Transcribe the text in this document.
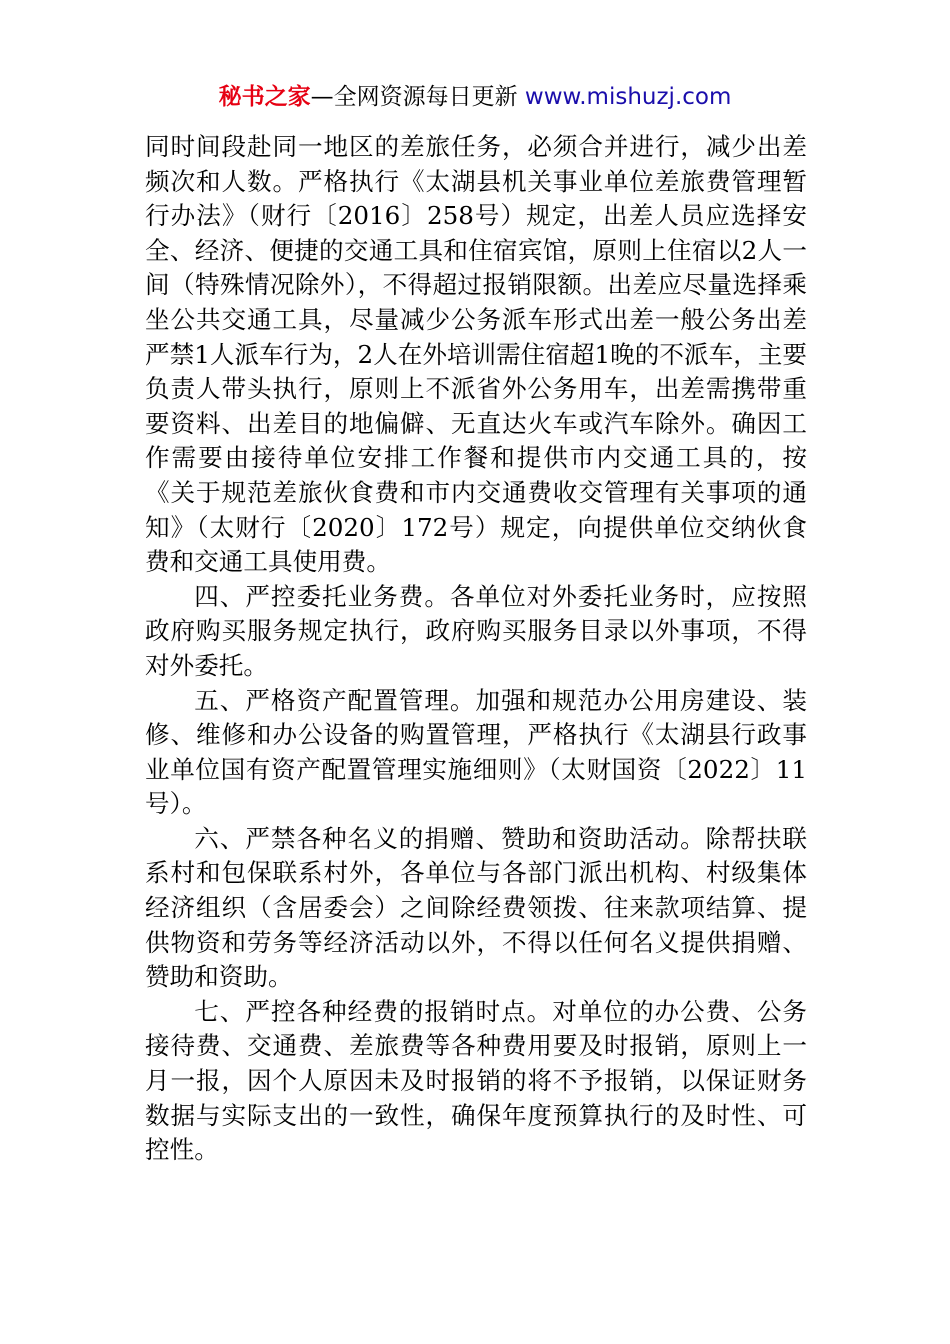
秘书之家—全网资源每日更新 www.mishuzj.com

同时间段赴同一地区的差旅任务，必须合并进行，减少出差频次和人数。严格执行《太湖县机关事业单位差旅费管理暂行办法》（财行〔2016〕258号）规定，出差人员应选择安全、经济、便捷的交通工具和住宿宾馆，原则上住宿以2人一间（特殊情况除外），不得超过报销限额。出差应尽量选择乘坐公共交通工具，尽量减少公务派车形式出差一般公务出差严禁1人派车行为，2人在外培训需住宿超1晚的不派车，主要负责人带头执行，原则上不派省外公务用车，出差需携带重要资料、出差目的地偏僻、无直达火车或汽车除外。确因工作需要由接待单位安排工作餐和提供市内交通工具的，按《关于规范差旅伙食费和市内交通费收交管理有关事项的通知》（太财行〔2020〕172号）规定，向提供单位交纳伙食费和交通工具使用费。

四、严控委托业务费。各单位对外委托业务时，应按照政府购买服务规定执行，政府购买服务目录以外事项，不得对外委托。

五、严格资产配置管理。加强和规范办公用房建设、装修、维修和办公设备的购置管理，严格执行《太湖县行政事业单位国有资产配置管理实施细则》（太财国资〔2022〕11号）。

六、严禁各种名义的捐赠、赞助和资助活动。除帮扶联系村和包保联系村外，各单位与各部门派出机构、村级集体经济组织（含居委会）之间除经费领拨、往来款项结算、提供物资和劳务等经济活动以外，不得以任何名义提供捐赠、赞助和资助。

七、严控各种经费的报销时点。对单位的办公费、公务接待费、交通费、差旅费等各种费用要及时报销，原则上一月一报，因个人原因未及时报销的将不予报销，以保证财务数据与实际支出的一致性，确保年度预算执行的及时性、可控性。
